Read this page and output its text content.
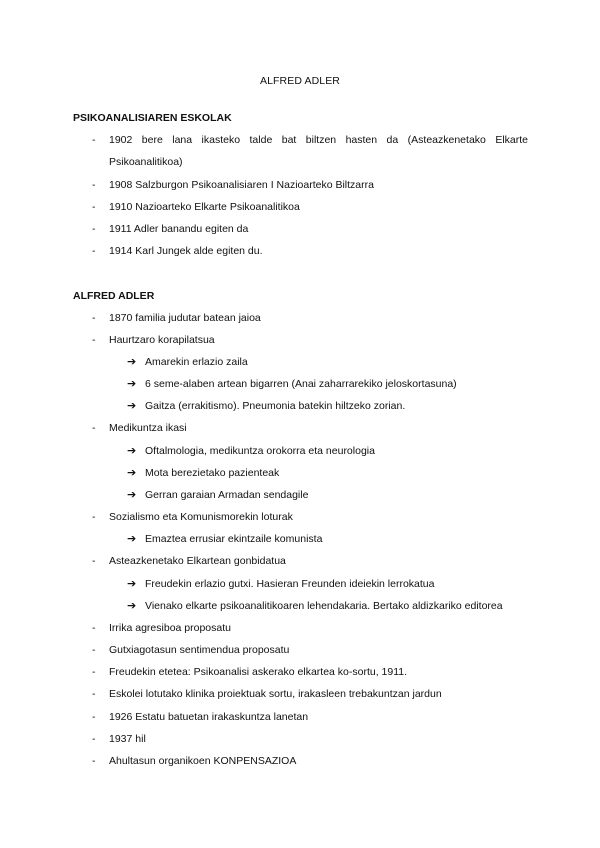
ALFRED ADLER
PSIKOANALISIAREN ESKOLAK
- 1902 bere lana ikasteko talde bat biltzen hasten da (Asteazkenetako Elkarte
Psikoanalitikoa)
- 1908 Salzburgon Psikoanalisiaren I Nazioarteko Biltzarra
- 1910 Nazioarteko Elkarte Psikoanalitikoa
- 1911 Adler banandu egiten da
- 1914 Karl Jungek alde egiten du.
ALFRED ADLER
- 1870 familia judutar batean jaioa
- Haurtzaro korapilatsua
➔ Amarekin erlazio zaila
➔ 6 seme-alaben artean bigarren (Anai zaharrarekiko jeloskortasuna)
➔ Gaitza (errakitismo). Pneumonia batekin hiltzeko zorian.
- Medikuntza ikasi
➔ Oftalmologia, medikuntza orokorra eta neurologia
➔ Mota berezietako pazienteak
➔ Gerran garaian Armadan sendagile
- Sozialismo eta Komunismorekin loturak
➔ Emaztea errusiar ekintzaile komunista
- Asteazkenetako Elkartean gonbidatua
➔ Freudekin erlazio gutxi. Hasieran Freunden ideiekin lerrokatua
➔ Vienako elkarte psikoanalitikoaren lehendakaria. Bertako aldizkariko editorea
- Irrika agresiboa proposatu
- Gutxiagotasun sentimendua proposatu
- Freudekin etetea: Psikoanalisi askerako elkartea ko-sortu, 1911.
- Eskolei lotutako klinika proiektuak sortu, irakasleen trebakuntzan jardun
- 1926 Estatu batuetan irakaskuntza lanetan
- 1937 hil
- Ahultasun organikoen KONPENSAZIOA
